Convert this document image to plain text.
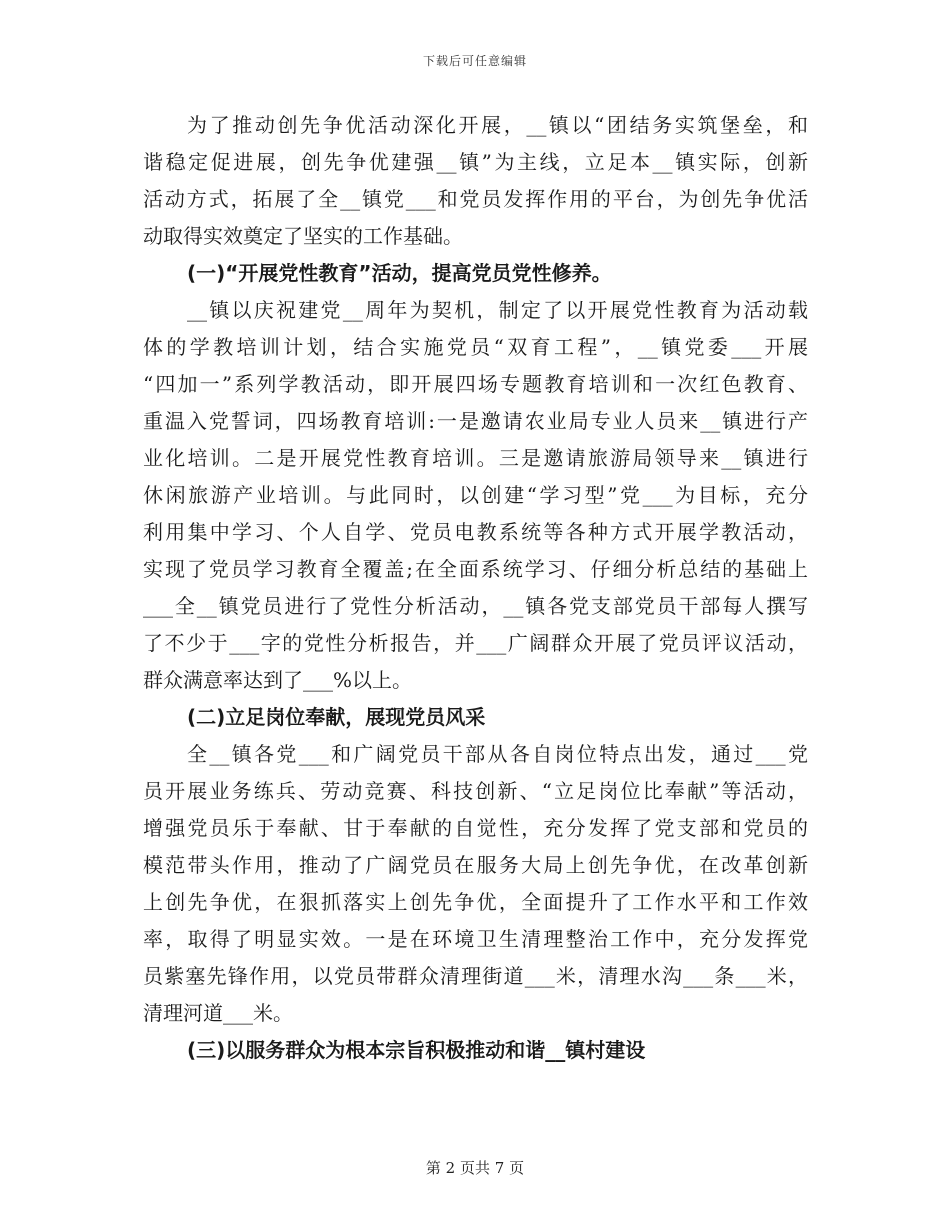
下载后可任意编辑
为了推动创先争优活动深化开展，__镇以“团结务实筑堡垒，和
谐稳定促进展，创先争优建强__镇”为主线，立足本__镇实际，创新
活动方式，拓展了全__镇党___和党员发挥作用的平台，为创先争优活
动取得实效奠定了坚实的工作基础。
(一)“开展党性教育”活动，提高党员党性修养。
__镇以庆祝建党__周年为契机，制定了以开展党性教育为活动载
体的学教培训计划，结合实施党员“双育工程”，__镇党委___开展
“四加一”系列学教活动，即开展四场专题教育培训和一次红色教育、
重温入党誓词，四场教育培训:一是邀请农业局专业人员来__镇进行产
业化培训。二是开展党性教育培训。三是邀请旅游局领导来__镇进行
休闲旅游产业培训。与此同时，以创建“学习型”党___为目标，充分
利用集中学习、个人自学、党员电教系统等各种方式开展学教活动，
实现了党员学习教育全覆盖;在全面系统学习、仔细分析总结的基础上
___全__镇党员进行了党性分析活动，__镇各党支部党员干部每人撰写
了不少于___字的党性分析报告，并___广阔群众开展了党员评议活动，
群众满意率达到了___%以上。
(二)立足岗位奉献，展现党员风采
全__镇各党___和广阔党员干部从各自岗位特点出发，通过___党
员开展业务练兵、劳动竞赛、科技创新、“立足岗位比奉献”等活动，
增强党员乐于奉献、甘于奉献的自觉性，充分发挥了党支部和党员的
模范带头作用，推动了广阔党员在服务大局上创先争优，在改革创新
上创先争优，在狠抓落实上创先争优，全面提升了工作水平和工作效
率，取得了明显实效。一是在环境卫生清理整治工作中，充分发挥党
员紫塞先锋作用，以党员带群众清理街道___米，清理水沟___条___米，
清理河道___米。
(三)以服务群众为根本宗旨积极推动和谐__镇村建设
第 2 页共 7 页
